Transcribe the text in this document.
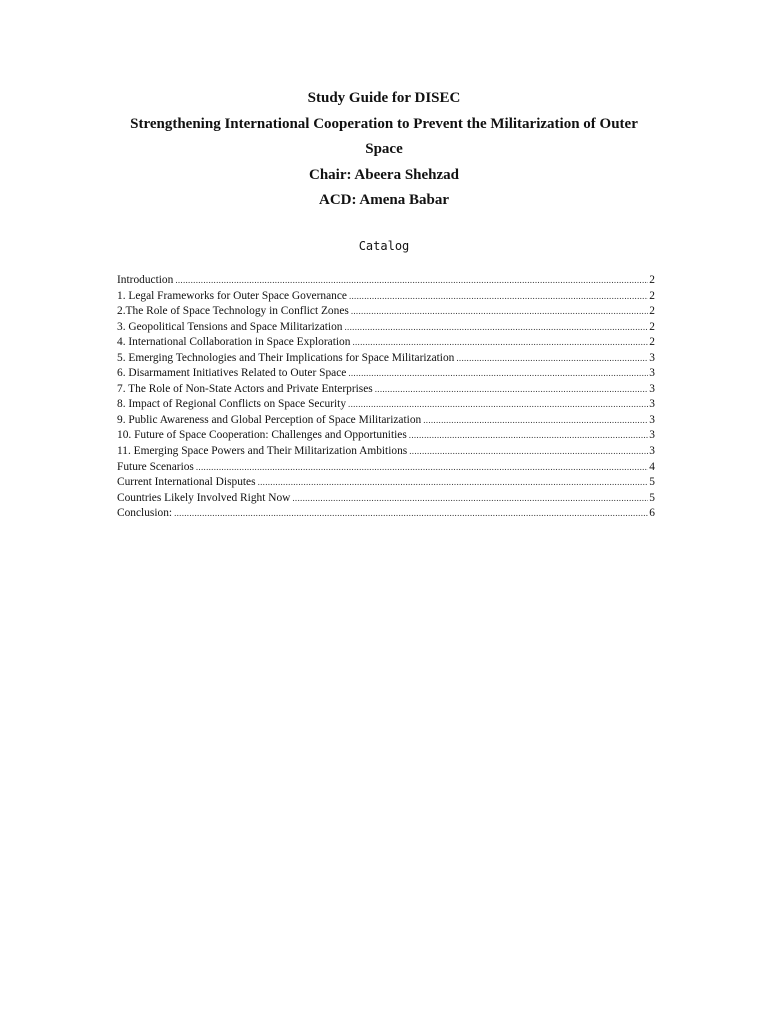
Study Guide for DISEC
Strengthening International Cooperation to Prevent the Militarization of Outer
Space
Chair: Abeera Shehzad
ACD: Amena Babar
Catalog
Introduction .....	2
1. Legal Frameworks for Outer Space Governance .....	2
2.The Role of Space Technology in Conflict Zones .....	2
3. Geopolitical Tensions and Space Militarization .....	2
4. International Collaboration in Space Exploration .....	2
5. Emerging Technologies and Their Implications for Space Militarization .....	3
6. Disarmament Initiatives Related to Outer Space .....	3
7. The Role of Non-State Actors and Private Enterprises .....	3
8. Impact of Regional Conflicts on Space Security .....	3
9. Public Awareness and Global Perception of Space Militarization .....	3
10. Future of Space Cooperation: Challenges and Opportunities .....	3
11. Emerging Space Powers and Their Militarization Ambitions .....	3
Future Scenarios .....	4
Current International Disputes .....	5
Countries Likely Involved Right Now .....	5
Conclusion: .....	6
